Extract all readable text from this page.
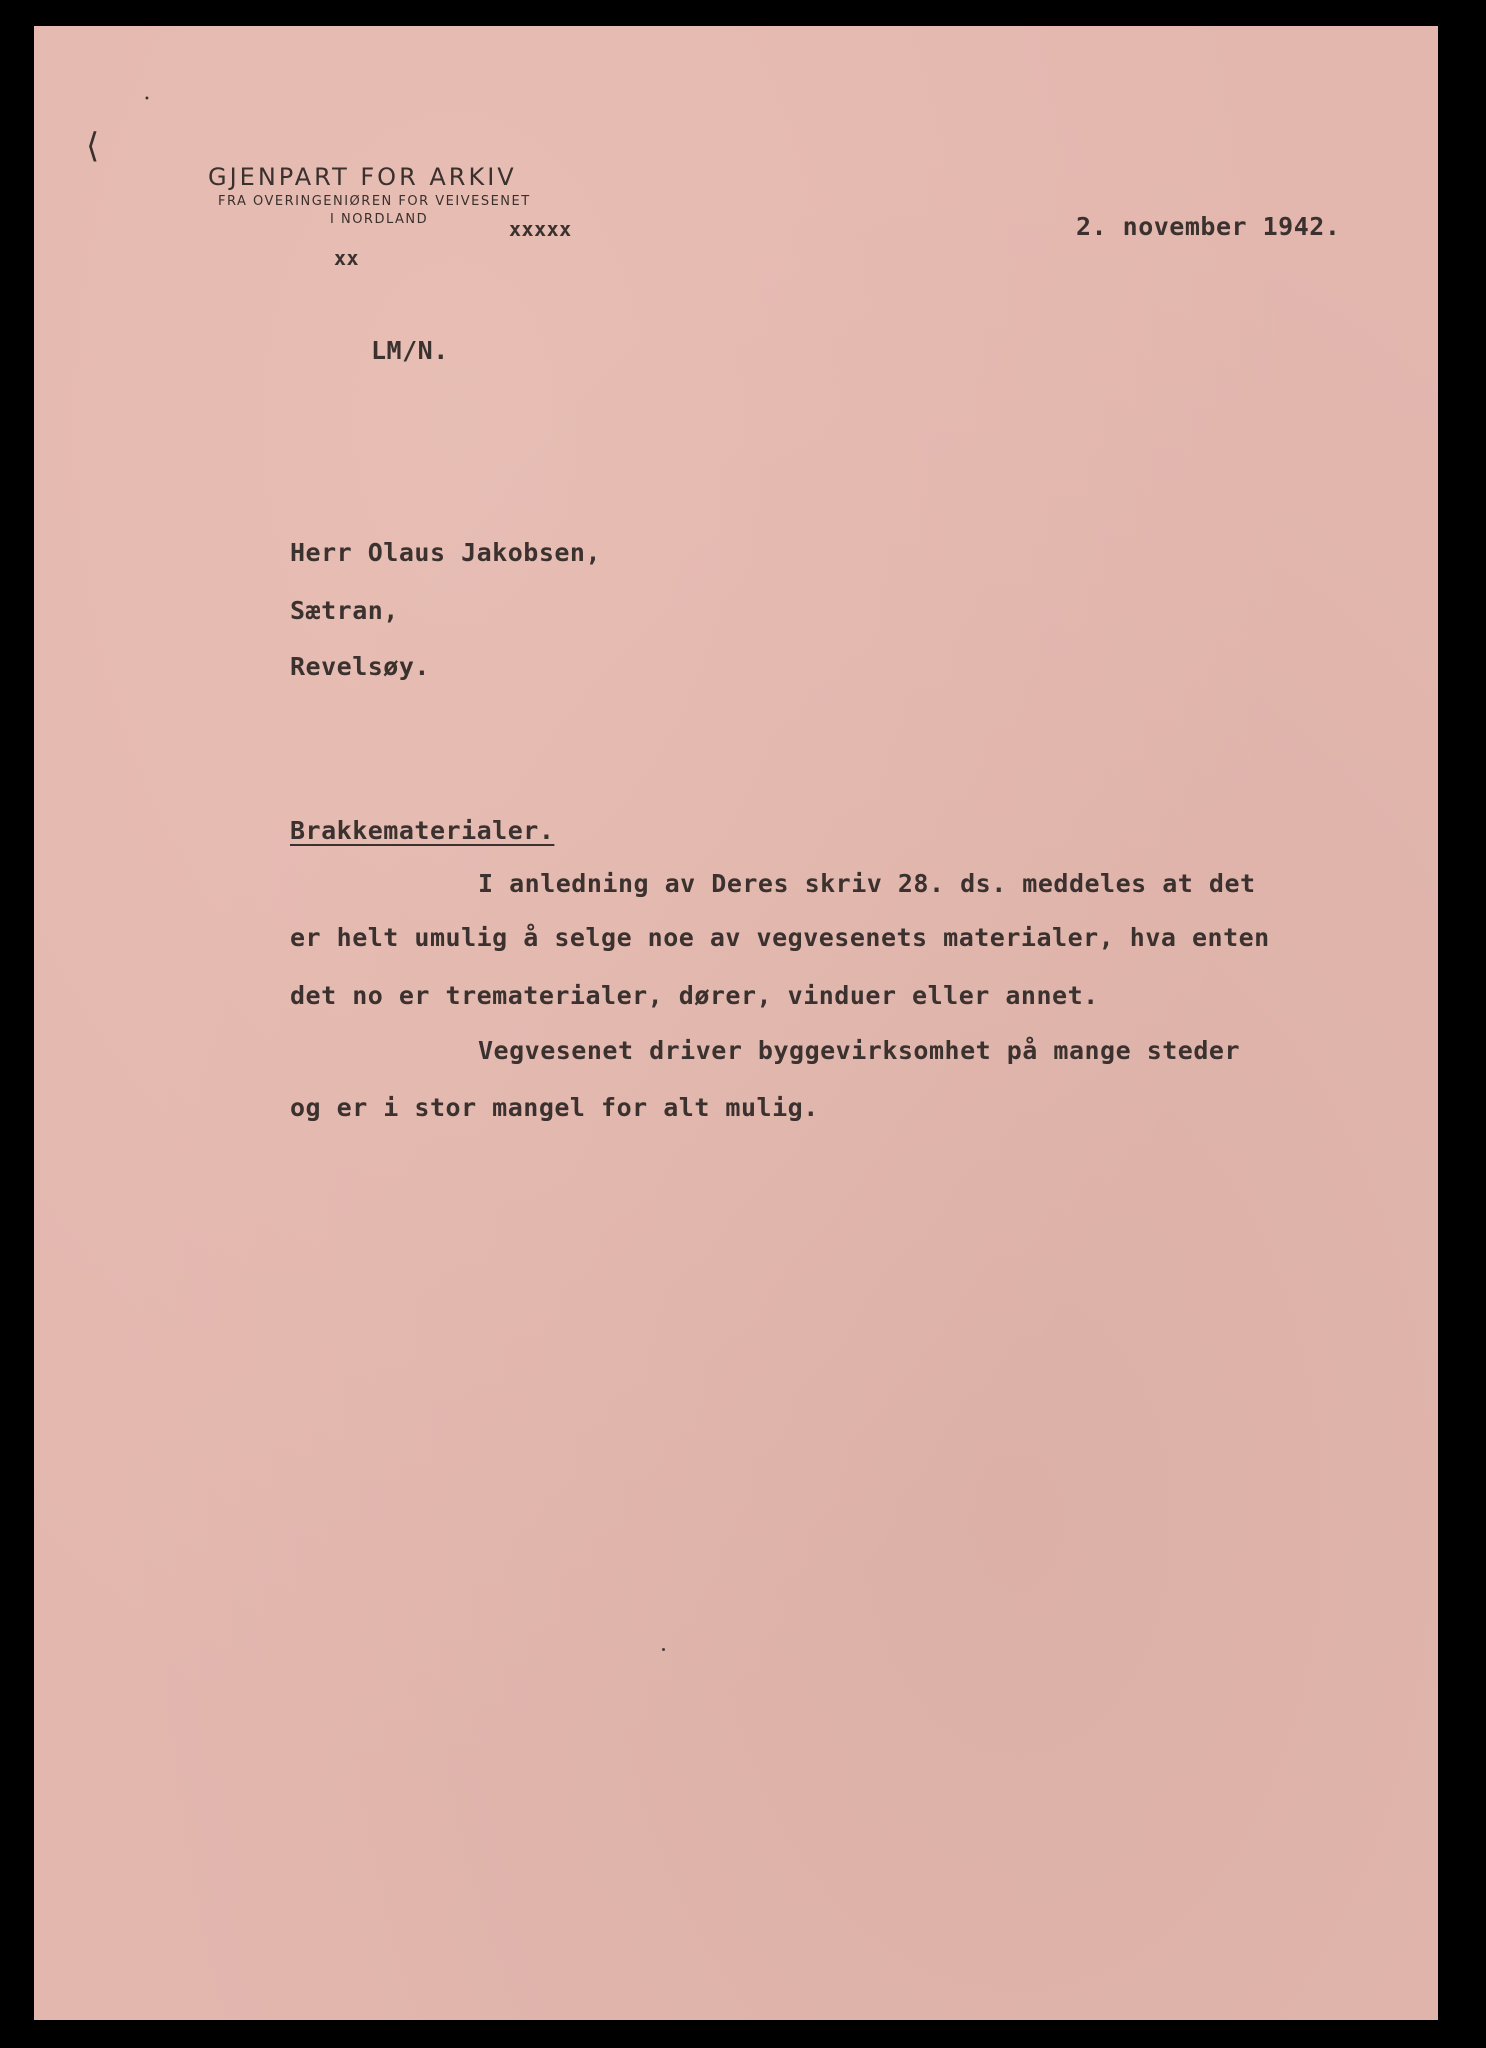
•
⟨
GJENPART FOR ARKIV
FRA OVERINGENIØREN FOR VEIVESENET
I NORDLAND	xxxxx
xx
2. november 1942.
LM/N.
Herr Olaus Jakobsen,
Sætran,
Revelsøy.
Brakkematerialer.
I anledning av Deres skriv 28. ds. meddeles at det
er helt umulig å selge noe av vegvesenets materialer, hva enten
det no er trematerialer, dører, vinduer eller annet.
Vegvesenet driver byggevirksomhet på mange steder
og er i stor mangel for alt mulig.
